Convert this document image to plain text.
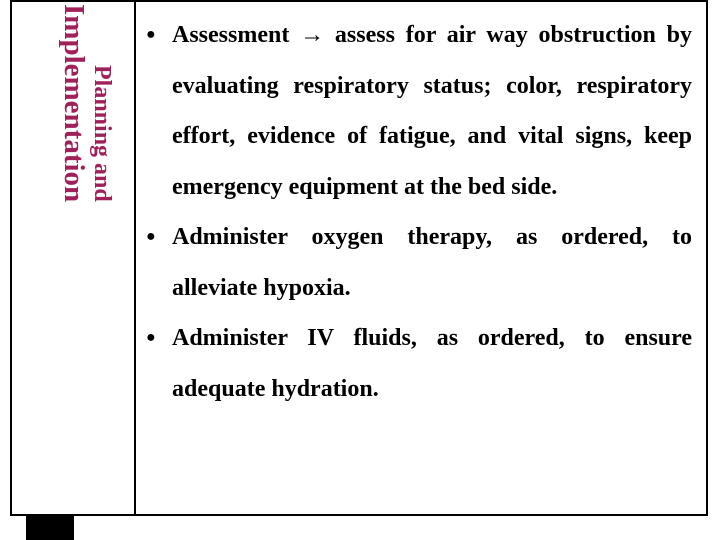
Planning and
Implementation	● Assessment → assess for air way obstruction by evaluating respiratory status; color, respiratory effort, evidence of fatigue, and vital signs, keep emergency equipment at the bed side.
● Administer oxygen therapy, as ordered, to alleviate hypoxia.
● Administer IV fluids, as ordered, to ensure adequate hydration.
